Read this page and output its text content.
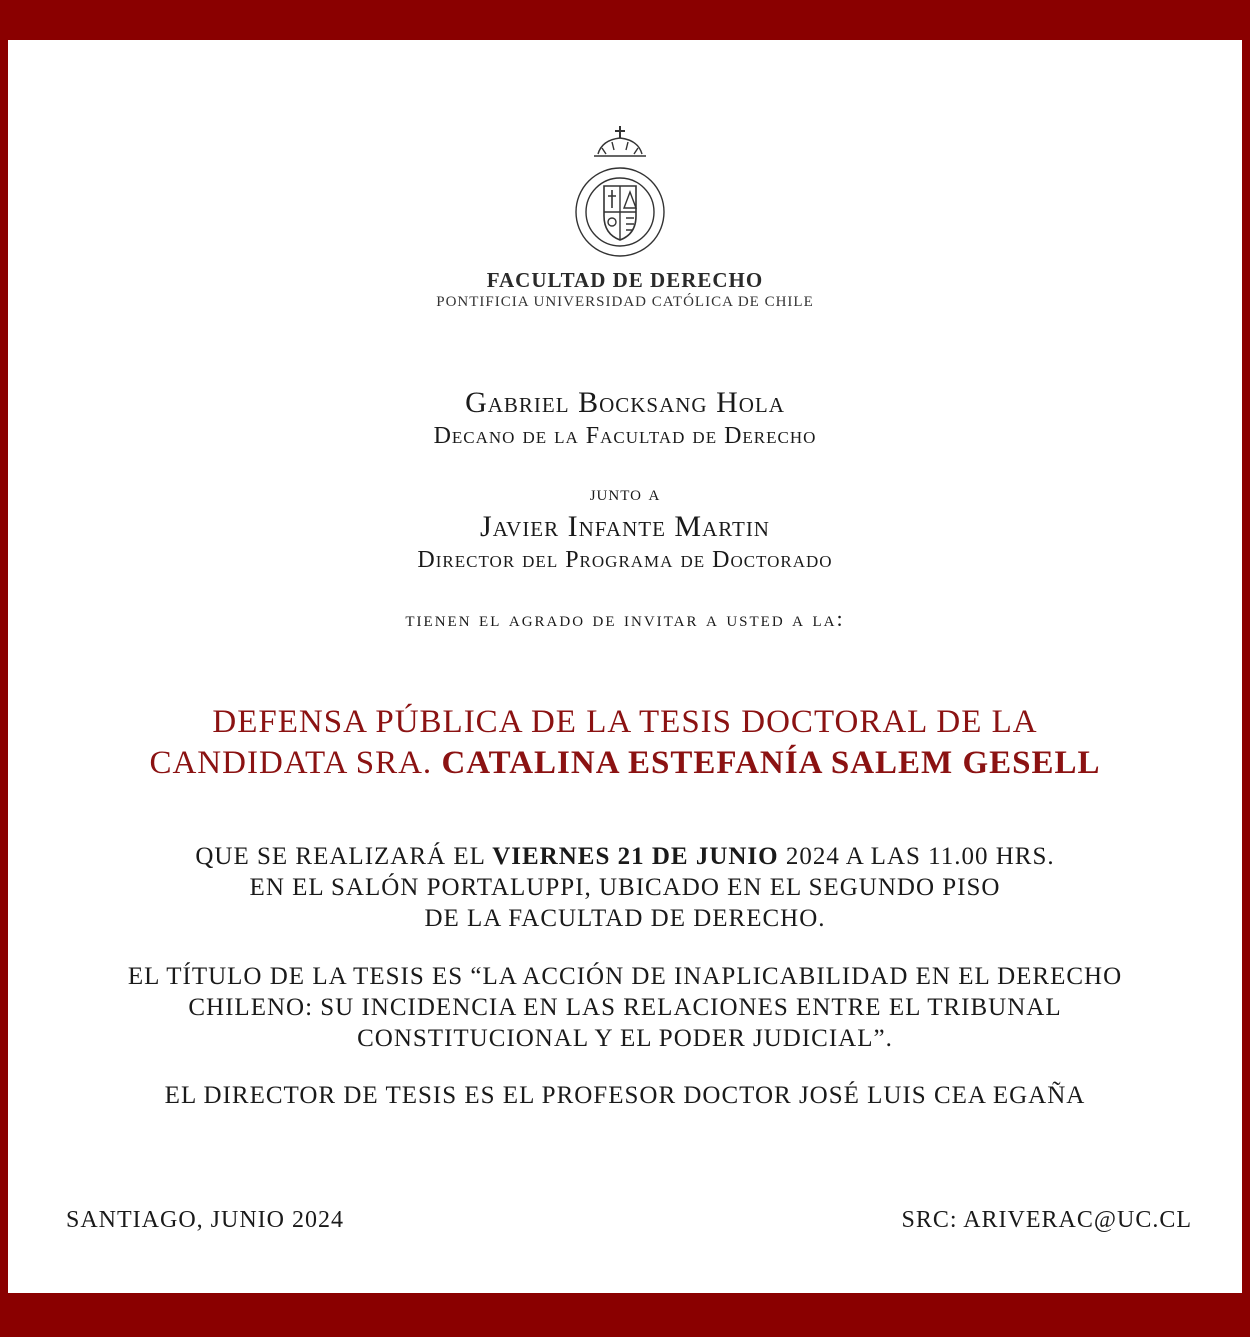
FACULTAD DE DERECHO
PONTIFICIA UNIVERSIDAD CATÓLICA DE CHILE
Gabriel Bocksang Hola
Decano de la Facultad de Derecho
junto a
Javier Infante Martin
Director del Programa de Doctorado
tienen el agrado de invitar a usted a la:
DEFENSA PÚBLICA DE LA TESIS DOCTORAL DE LA
CANDIDATA SRA. CATALINA ESTEFANÍA SALEM GESELL
QUE SE REALIZARÁ EL VIERNES 21 DE JUNIO 2024 A LAS 11.00 HRS.
EN EL SALÓN PORTALUPPI, UBICADO EN EL SEGUNDO PISO
DE LA FACULTAD DE DERECHO.
EL TÍTULO DE LA TESIS ES “LA ACCIÓN DE INAPLICABILIDAD EN EL DERECHO
CHILENO: SU INCIDENCIA EN LAS RELACIONES ENTRE EL TRIBUNAL
CONSTITUCIONAL Y EL PODER JUDICIAL”.
EL DIRECTOR DE TESIS ES EL PROFESOR DOCTOR JOSÉ LUIS CEA EGAÑA
SANTIAGO, JUNIO 2024	SRC: ARIVERAC@UC.CL
